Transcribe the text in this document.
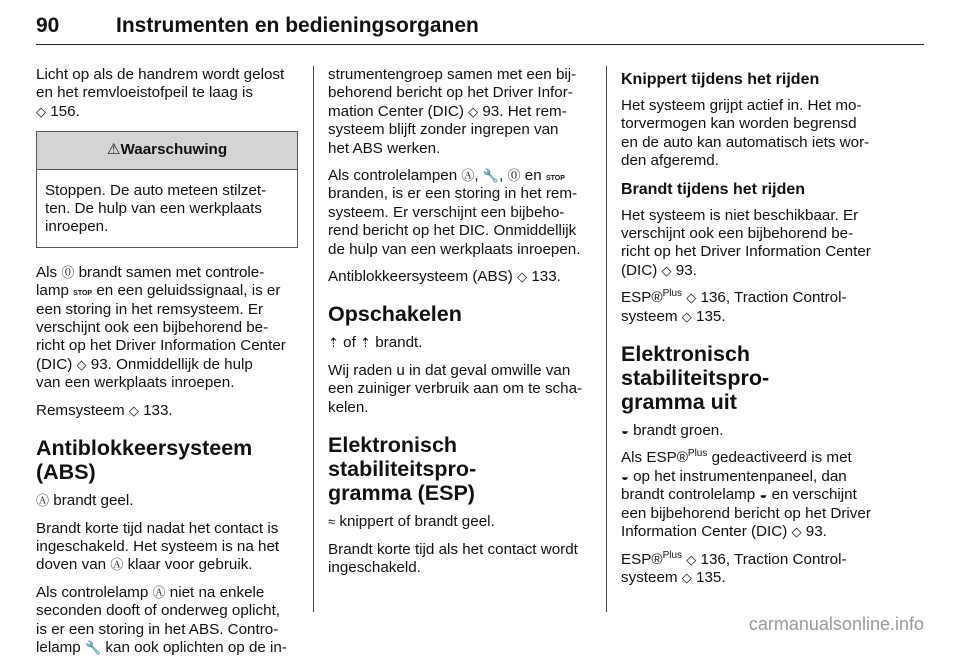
90	Instrumenten en bedieningsorganen

Licht op als de handrem wordt gelost
en het remvloeistofpeil te laag is
◇ 156.

⚠Waarschuwing
Stoppen. De auto meteen stilzet-
ten. De hulp van een werkplaats
inroepen.

Als ⓪ brandt samen met controle-
lamp STOP en een geluidssignaal, is er
een storing in het remsysteem. Er
verschijnt ook een bijbehorend be-
richt op het Driver Information Center
(DIC) ◇ 93. Onmiddellijk de hulp
van een werkplaats inroepen.

Remsysteem ◇ 133.

Antiblokkeersysteem (ABS)

Ⓐ brandt geel.

Brandt korte tijd nadat het contact is
ingeschakeld. Het systeem is na het
doven van Ⓐ klaar voor gebruik.

Als controlelamp Ⓐ niet na enkele
seconden dooft of onderweg oplicht,
is er een storing in het ABS. Contro-
lelamp 🔧 kan ook oplichten op de in-

strumentengroep samen met een bij-
behorend bericht op het Driver Infor-
mation Center (DIC) ◇ 93. Het rem-
systeem blijft zonder ingrepen van
het ABS werken.

Als controlelampen Ⓐ, 🔧, ⓪ en STOP
branden, is er een storing in het rem-
systeem. Er verschijnt een bijbeho-
rend bericht op het DIC. Onmiddellijk
de hulp van een werkplaats inroepen.

Antiblokkeersysteem (ABS) ◇ 133.

Opschakelen

⇡ of ⇡ brandt.

Wij raden u in dat geval omwille van
een zuiniger verbruik aan om te scha-
kelen.

Elektronisch stabiliteitspro-
gramma (ESP)

≈ knippert of brandt geel.

Brandt korte tijd als het contact wordt
ingeschakeld.

Knippert tijdens het rijden

Het systeem grijpt actief in. Het mo-
torvermogen kan worden begrensd
en de auto kan automatisch iets wor-
den afgeremd.

Brandt tijdens het rijden

Het systeem is niet beschikbaar. Er
verschijnt ook een bijbehorend be-
richt op het Driver Information Center
(DIC) ◇ 93.

ESP®$^{Plus}$ ◇ 136, Traction Control-
systeem ◇ 135.

Elektronisch stabiliteitspro-
gramma uit

◒ brandt groen.

Als ESP®$^{Plus}$ gedeactiveerd is met
◒ op het instrumentenpaneel, dan
brandt controlelamp ◒ en verschijnt
een bijbehorend bericht op het Driver
Information Center (DIC) ◇ 93.

ESP®$^{Plus}$ ◇ 136, Traction Control-
systeem ◇ 135.

carmanualsonline.info
